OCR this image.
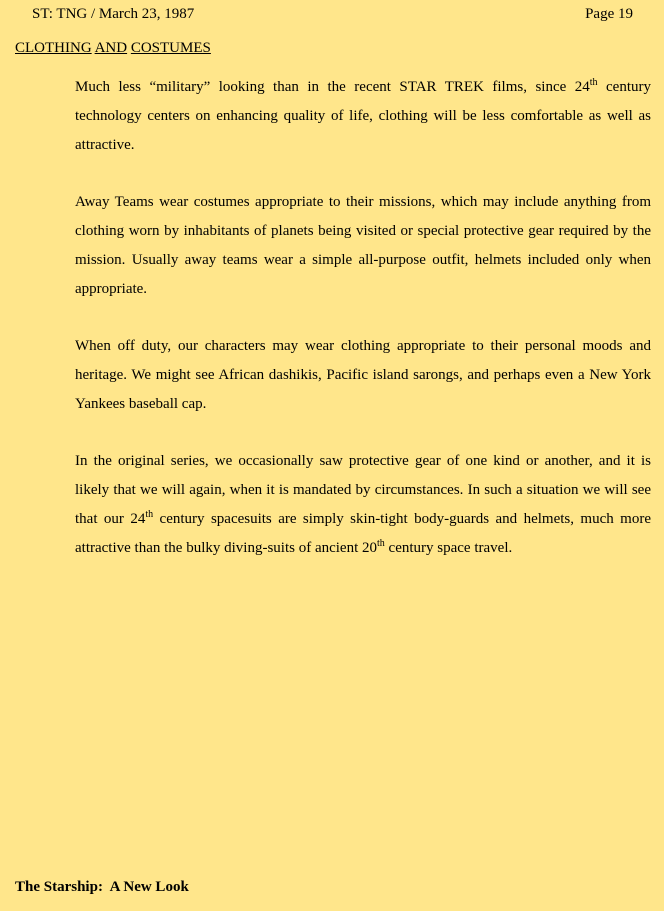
ST: TNG / March 23, 1987	Page 19
CLOTHING AND COSTUMES

Much less “military” looking than in the recent STAR TREK films, since 24th century technology centers on enhancing quality of life, clothing will be less comfortable as well as attractive.

Away Teams wear costumes appropriate to their missions, which may include anything from clothing worn by inhabitants of planets being visited or special protective gear required by the mission. Usually away teams wear a simple all-purpose outfit, helmets included only when appropriate.

When off duty, our characters may wear clothing appropriate to their personal moods and heritage. We might see African dashikis, Pacific island sarongs, and perhaps even a New York Yankees baseball cap.

In the original series, we occasionally saw protective gear of one kind or another, and it is likely that we will again, when it is mandated by circumstances. In such a situation we will see that our 24th century spacesuits are simply skin-tight body-guards and helmets, much more attractive than the bulky diving-suits of ancient 20th century space travel.

The Starship:  A New Look
